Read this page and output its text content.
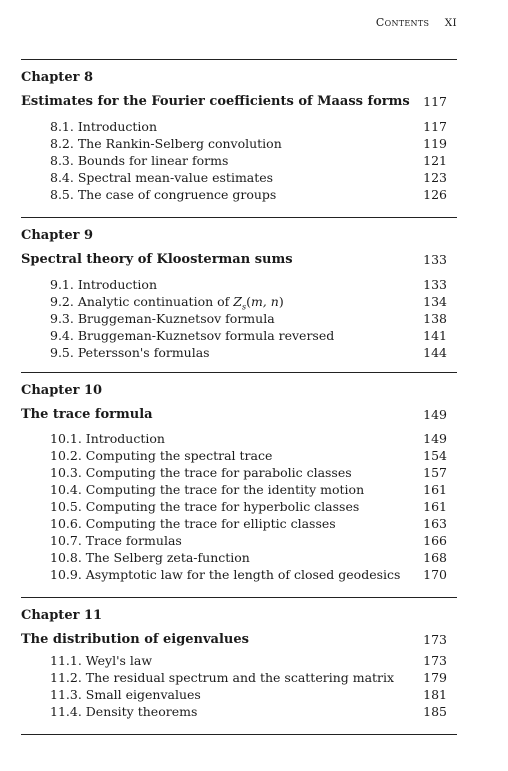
Contents XI
Chapter 8
Estimates for the Fourier coefficients of Maass forms 117
8.1. Introduction	117
8.2. The Rankin-Selberg convolution	119
8.3. Bounds for linear forms	121
8.4. Spectral mean-value estimates	123
8.5. The case of congruence groups	126
Chapter 9
Spectral theory of Kloosterman sums	133
9.1. Introduction	133
9.2. Analytic continuation of $Z_s(m$, n)	134
9.3. Bruggeman-Kuznetsov formula	138
9.4. Bruggeman-Kuznetsov formula reversed	141
9.5. Petersson's formulas	144
Chapter 10
The trace formula	149
10.1. Introduction	149
10.2. Computing the spectral trace	154
10.3. Computing the trace for parabolic classes	157
10.4. Computing the trace for the identity motion	161
10.5. Computing the trace for hyperbolic classes	161
10.6. Computing the trace for elliptic classes	163
10.7. Trace formulas	166
10.8. The Selberg zeta-function	168
10.9. Asymptotic law for the length of closed geodesics 170
Chapter 11
The distribution of eigenvalues	173
11.1. Weyl's law	173
11.2. The residual spectrum and the scattering matrix 179
11.3. Small eigenvalues	181
11.4. Density theorems	185
